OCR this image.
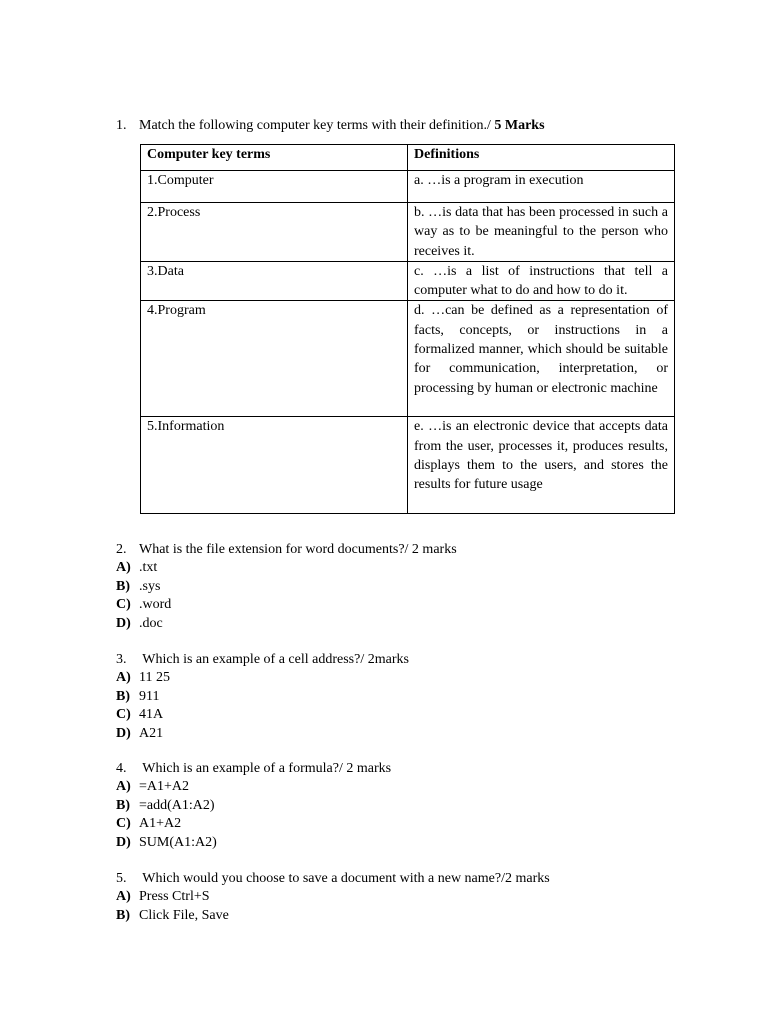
1. Match the following computer key terms with their definition./ 5 Marks
Computer key terms	Definitions
1.Computer	a. …is a program in execution
2.Process	b. …is data that has been processed in such a way as to be meaningful to the person who receives it.
3.Data	c. …is a list of instructions that tell a computer what to do and how to do it.
4.Program	d. …can be defined as a representation of facts, concepts, or instructions in a formalized manner, which should be suitable for communication, interpretation, or processing by human or electronic machine
5.Information	e. …is an electronic device that accepts data from the user, processes it, produces results, displays them to the users, and stores the results for future usage
2. What is the file extension for word documents?/ 2 marks
A) .txt
B) .sys
C) .word
D) .doc
3. Which is an example of a cell address?/ 2marks
A) 11 25
B) 911
C) 41A
D) A21
4. Which is an example of a formula?/ 2 marks
A) =A1+A2
B) =add(A1:A2)
C) A1+A2
D) SUM(A1:A2)
5. Which would you choose to save a document with a new name?/2 marks
A) Press Ctrl+S
B) Click File, Save
